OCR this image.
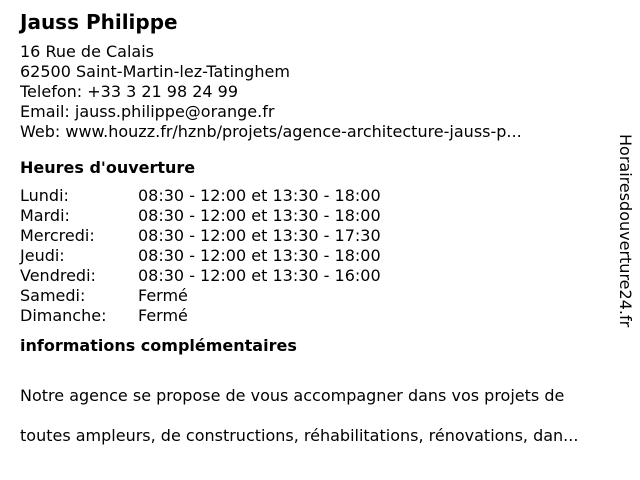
Jauss Philippe
16 Rue de Calais
62500 Saint-Martin-lez-Tatinghem
Telefon: +33 3 21 98 24 99
Email: jauss.philippe@orange.fr
Web: www.houzz.fr/hznb/projets/agence-architecture-jauss-p...
Heures d'ouverture
Lundi:	08:30 - 12:00 et 13:30 - 18:00
Mardi:	08:30 - 12:00 et 13:30 - 18:00
Mercredi:	08:30 - 12:00 et 13:30 - 17:30
Jeudi:	08:30 - 12:00 et 13:30 - 18:00
Vendredi:	08:30 - 12:00 et 13:30 - 16:00
Samedi:	Fermé
Dimanche:	Fermé
informations complémentaires

Notre agence se propose de vous accompagner dans vos projets de

toutes ampleurs, de constructions, réhabilitations, rénovations, dan...

Horairesdouverture24.fr
